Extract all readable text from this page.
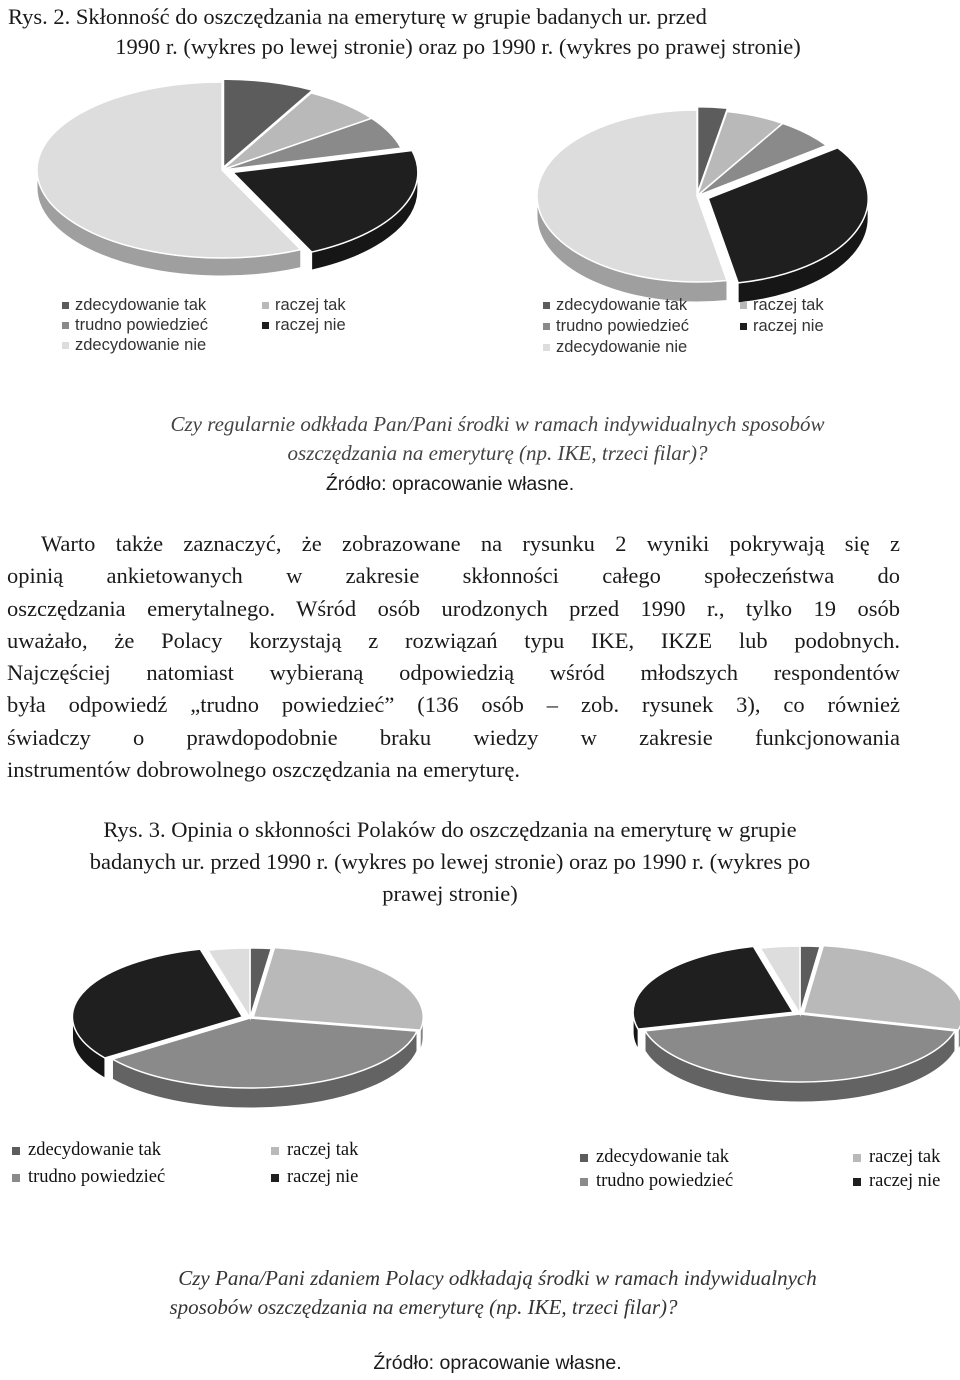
Rys. 2. Skłonność do oszczędzania na emeryturę w grupie badanych ur. przed

1990 r. (wykres po lewej stronie) oraz po 1990 r. (wykres po prawej stronie)
zdecydowanie tak	raczej tak
trudno powiedzieć	raczej nie
zdecydowanie nie
zdecydowanie tak	raczej tak
trudno powiedzieć	raczej nie
zdecydowanie nie
Czy regularnie odkłada Pan/Pani środki w ramach indywidualnych sposobów
oszczędzania na emeryturę (np. IKE, trzeci filar)?
Źródło: opracowanie własne.
Warto także zaznaczyć, że zobrazowane na rysunku 2 wyniki pokrywają się z
opinią ankietowanych w zakresie skłonności całego społeczeństwa do
oszczędzania emerytalnego. Wśród osób urodzonych przed 1990 r., tylko 19 osób
uważało, że Polacy korzystają z rozwiązań typu IKE, IKZE lub podobnych.
Najczęściej natomiast wybieraną odpowiedzią wśród młodszych respondentów
była odpowiedź „trudno powiedzieć” (136 osób – zob. rysunek 3), co również
świadczy o prawdopodobnie braku wiedzy w zakresie funkcjonowania
instrumentów dobrowolnego oszczędzania na emeryturę.
Rys. 3. Opinia o skłonności Polaków do oszczędzania na emeryturę w grupie
badanych ur. przed 1990 r. (wykres po lewej stronie) oraz po 1990 r. (wykres po
prawej stronie)
zdecydowanie tak	raczej tak
trudno powiedzieć	raczej nie
zdecydowanie tak	raczej tak
trudno powiedzieć	raczej nie
Czy Pana/Pani zdaniem Polacy odkładają środki w ramach indywidualnych
sposobów oszczędzania na emeryturę (np. IKE, trzeci filar)?
Źródło: opracowanie własne.
